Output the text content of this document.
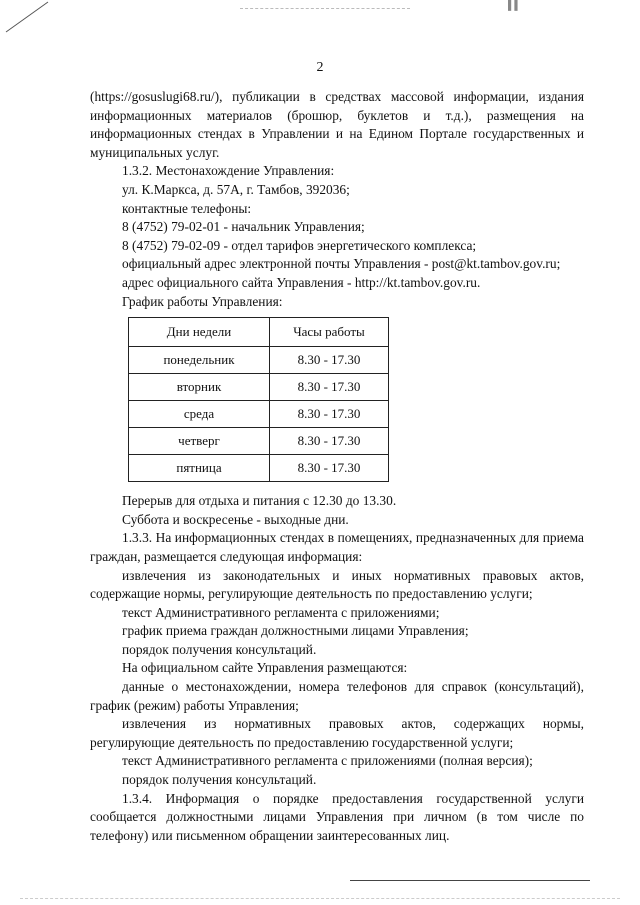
▌▌
2

(https://gosuslugi68.ru/), публикации в средствах массовой информации, издания информационных материалов (брошюр, буклетов и т.д.), размещения на информационных стендах в Управлении и на Едином Портале государственных и муниципальных услуг.

1.3.2. Местонахождение Управления:

ул. К.Маркса, д. 57А, г. Тамбов, 392036;

контактные телефоны:

8 (4752) 79-02-01 - начальник Управления;

8 (4752) 79-02-09 - отдел тарифов энергетического комплекса;

официальный адрес электронной почты Управления - post@kt.tambov.gov.ru;

адрес официального сайта Управления - http://kt.tambov.gov.ru.

График работы Управления:

Дни недели	Часы работы
понедельник	8.30 - 17.30
вторник	8.30 - 17.30
среда	8.30 - 17.30
четверг	8.30 - 17.30
пятница	8.30 - 17.30

Перерыв для отдыха и питания с 12.30 до 13.30.

Суббота и воскресенье - выходные дни.

1.3.3. На информационных стендах в помещениях, предназначенных для приема граждан, размещается следующая информация:

извлечения из законодательных и иных нормативных правовых актов, содержащие нормы, регулирующие деятельность по предоставлению услуги;

текст Административного регламента с приложениями;

график приема граждан должностными лицами Управления;

порядок получения консультаций.

На официальном сайте Управления размещаются:

данные о местонахождении, номера телефонов для справок (консультаций), график (режим) работы Управления;

извлечения из нормативных правовых актов, содержащих нормы, регулирующие деятельность по предоставлению государственной услуги;

текст Административного регламента с приложениями (полная версия);

порядок получения консультаций.

1.3.4. Информация о порядке предоставления государственной услуги сообщается должностными лицами Управления при личном (в том числе по телефону) или письменном обращении заинтересованных лиц.
